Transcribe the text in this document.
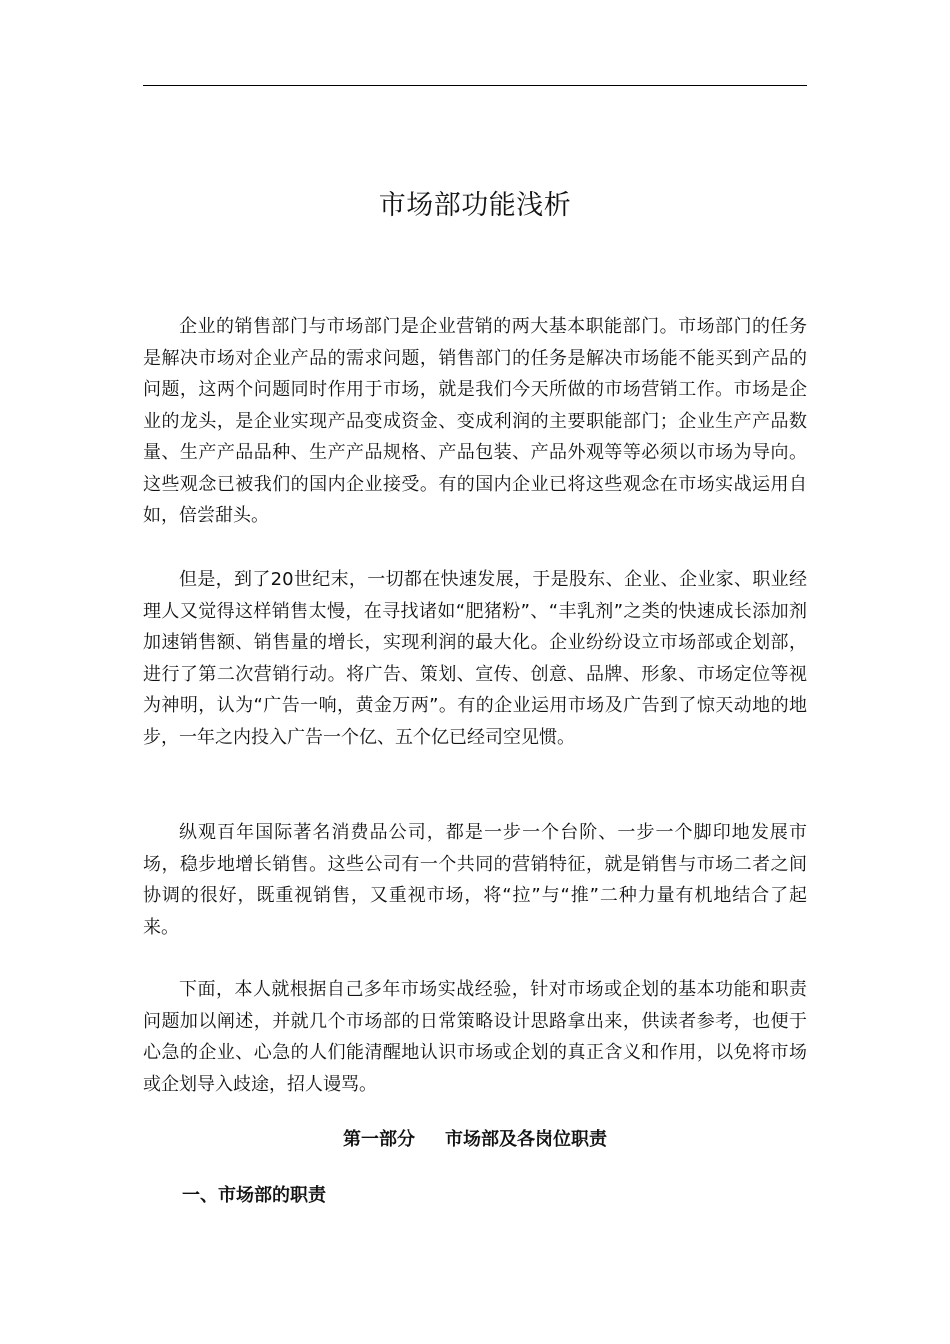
市场部功能浅析

企业的销售部门与市场部门是企业营销的两大基本职能部门。市场部门的任务是解决市场对企业产品的需求问题，销售部门的任务是解决市场能不能买到产品的问题，这两个问题同时作用于市场，就是我们今天所做的市场营销工作。市场是企业的龙头，是企业实现产品变成资金、变成利润的主要职能部门；企业生产产品数量、生产产品品种、生产产品规格、产品包装、产品外观等等必须以市场为导向。这些观念已被我们的国内企业接受。有的国内企业已将这些观念在市场实战运用自如，倍尝甜头。

但是，到了20世纪末，一切都在快速发展，于是股东、企业、企业家、职业经理人又觉得这样销售太慢，在寻找诸如“肥猪粉”、“丰乳剂”之类的快速成长添加剂加速销售额、销售量的增长，实现利润的最大化。企业纷纷设立市场部或企划部，进行了第二次营销行动。将广告、策划、宣传、创意、品牌、形象、市场定位等视为神明，认为“广告一响，黄金万两”。有的企业运用市场及广告到了惊天动地的地步，一年之内投入广告一个亿、五个亿已经司空见惯。

纵观百年国际著名消费品公司，都是一步一个台阶、一步一个脚印地发展市场，稳步地增长销售。这些公司有一个共同的营销特征，就是销售与市场二者之间协调的很好，既重视销售，又重视市场，将“拉”与“推”二种力量有机地结合了起来。

下面，本人就根据自己多年市场实战经验，针对市场或企划的基本功能和职责问题加以阐述，并就几个市场部的日常策略设计思路拿出来，供读者参考，也便于心急的企业、心急的人们能清醒地认识市场或企划的真正含义和作用，以免将市场或企划导入歧途，招人谩骂。

第一部分 市场部及各岗位职责
一、市场部的职责
